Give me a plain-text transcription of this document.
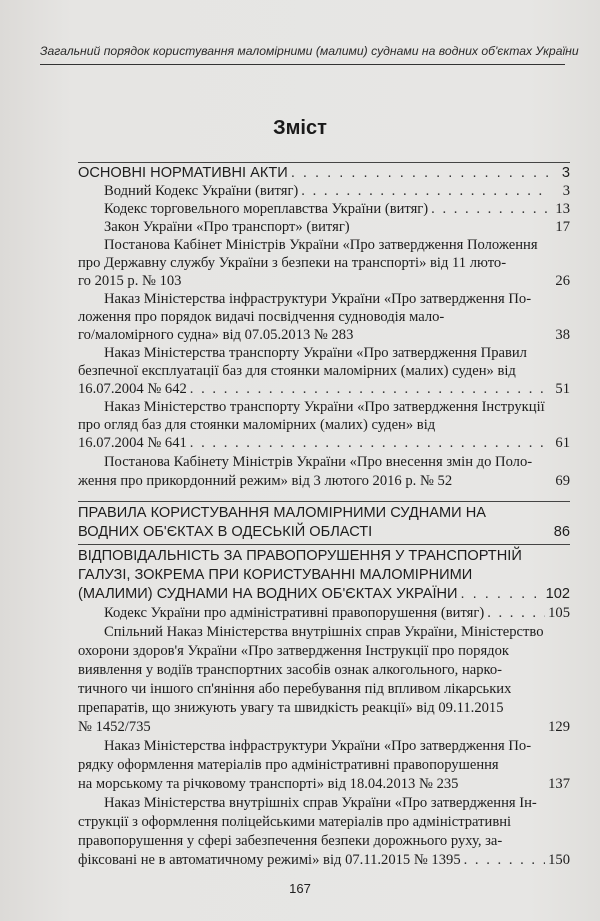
Загальний порядок користування маломірними (малими) суднами на водних об'єктах України
Зміст
ОСНОВНІ НОРМАТИВНІ АКТИ . . .	3
Водний Кодекс України (витяг) . . .	3
Кодекс торговельного мореплавства України (витяг) . . .	13
Закон України «Про транспорт» (витяг)	17
Постанова Кабінет Міністрів України «Про затвердження Положення
про Державну службу України з безпеки на транспорті» від 11 люто-
го 2015 р. № 103	26
Наказ Міністерства інфраструктури України «Про затвердження По-
ложення про порядок видачі посвідчення судноводія мало-
го/маломірного судна» від 07.05.2013 № 283	38
Наказ Міністерства транспорту України «Про затвердження Правил
безпечної експлуатації баз для стоянки маломірних (малих) суден» від
16.07.2004 № 642 . . .	51
Наказ Міністерство транспорту України «Про затвердження Інструкції
про огляд баз для стоянки маломірних (малих) суден» від
16.07.2004 № 641 . . .	61
Постанова Кабінету Міністрів України «Про внесення змін до Поло-
ження про прикордонний режим» від 3 лютого 2016 р. № 52	69
ПРАВИЛА КОРИСТУВАННЯ МАЛОМІРНИМИ СУДНАМИ НА
ВОДНИХ ОБ'ЄКТАХ В ОДЕСЬКІЙ ОБЛАСТІ	86
ВІДПОВІДАЛЬНІСТЬ ЗА ПРАВОПОРУШЕННЯ У ТРАНСПОРТНІЙ
ГАЛУЗІ, ЗОКРЕМА ПРИ КОРИСТУВАННІ МАЛОМІРНИМИ
(МАЛИМИ) СУДНАМИ НА ВОДНИХ ОБ'ЄКТАХ УКРАЇНИ . . .	102
Кодекс України про адміністративні правопорушення (витяг) . . .	105
Спільний Наказ Міністерства внутрішніх справ України, Міністерство
охорони здоров'я України «Про затвердження Інструкції про порядок
виявлення у водіїв транспортних засобів ознак алкогольного, нарко-
тичного чи іншого сп'яніння або перебування під впливом лікарських
препаратів, що знижують увагу та швидкість реакції» від 09.11.2015
№ 1452/735	129
Наказ Міністерства інфраструктури України «Про затвердження По-
рядку оформлення матеріалів про адміністративні правопорушення
на морському та річковому транспорті» від 18.04.2013 № 235	137
Наказ Міністерства внутрішніх справ України «Про затвердження Ін-
струкції з оформлення поліцейськими матеріалів про адміністративні
правопорушення у сфері забезпечення безпеки дорожнього руху, за-
фіксовані не в автоматичному режимі» від 07.11.2015 № 1395 . . .	150
167
